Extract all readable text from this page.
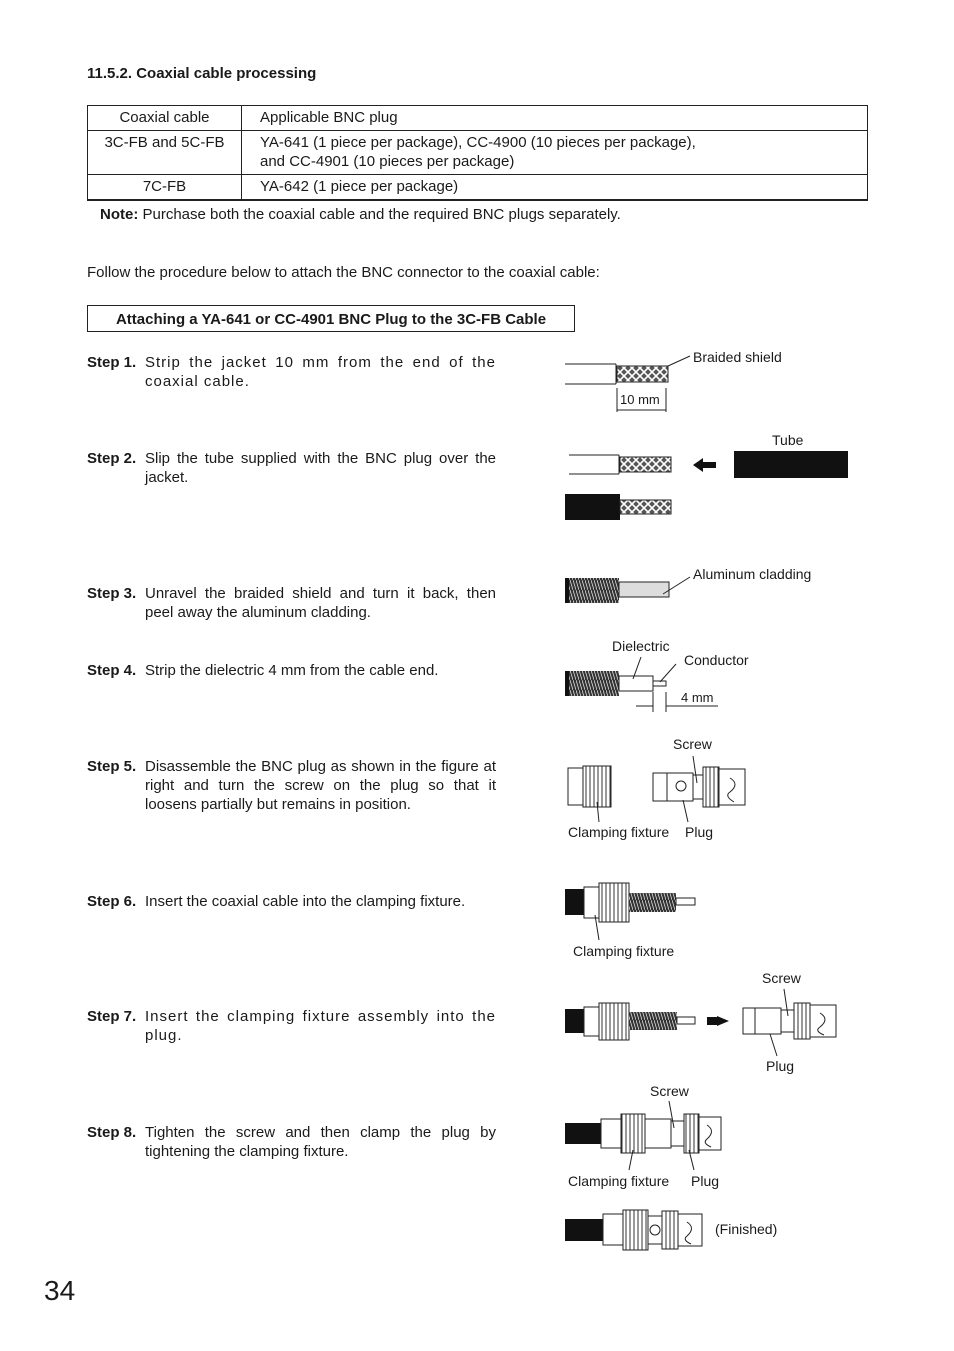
11.5.2. Coaxial cable processing
Coaxial cable	Applicable BNC plug
3C-FB and 5C-FB	YA-641 (1 piece per package), CC-4900 (10 pieces per package),
and CC-4901 (10 pieces per package)

7C-FB	YA-642 (1 piece per package)
Note: Purchase both the coaxial cable and the required BNC plugs separately.
Follow the procedure below to attach the BNC connector to the coaxial cable:
Attaching a YA-641 or CC-4901 BNC Plug to the 3C-FB Cable
Step 1. Strip the jacket 10 mm from the end of the coaxial cable.
Step 2. Slip the tube supplied with the BNC plug over the jacket.
Step 3. Unravel the braided shield and turn it back, then peel away the aluminum cladding.
Step 4. Strip the dielectric 4 mm from the cable end.
Step 5. Disassemble the BNC plug as shown in the figure at right and turn the screw on the plug so that it loosens partially but remains in position.
Step 6. Insert the coaxial cable into the clamping fixture.
Step 7. Insert the clamping fixture assembly into the plug.
Step 8. Tighten the screw and then clamp the plug by tightening the clamping fixture.
Braided shield
10 mm
Tube
Aluminum cladding
Dielectric
Conductor
4 mm
Screw
Clamping fixture Plug
Clamping fixture
Screw
Plug
Screw
Clamping fixture Plug
(Finished)
34
